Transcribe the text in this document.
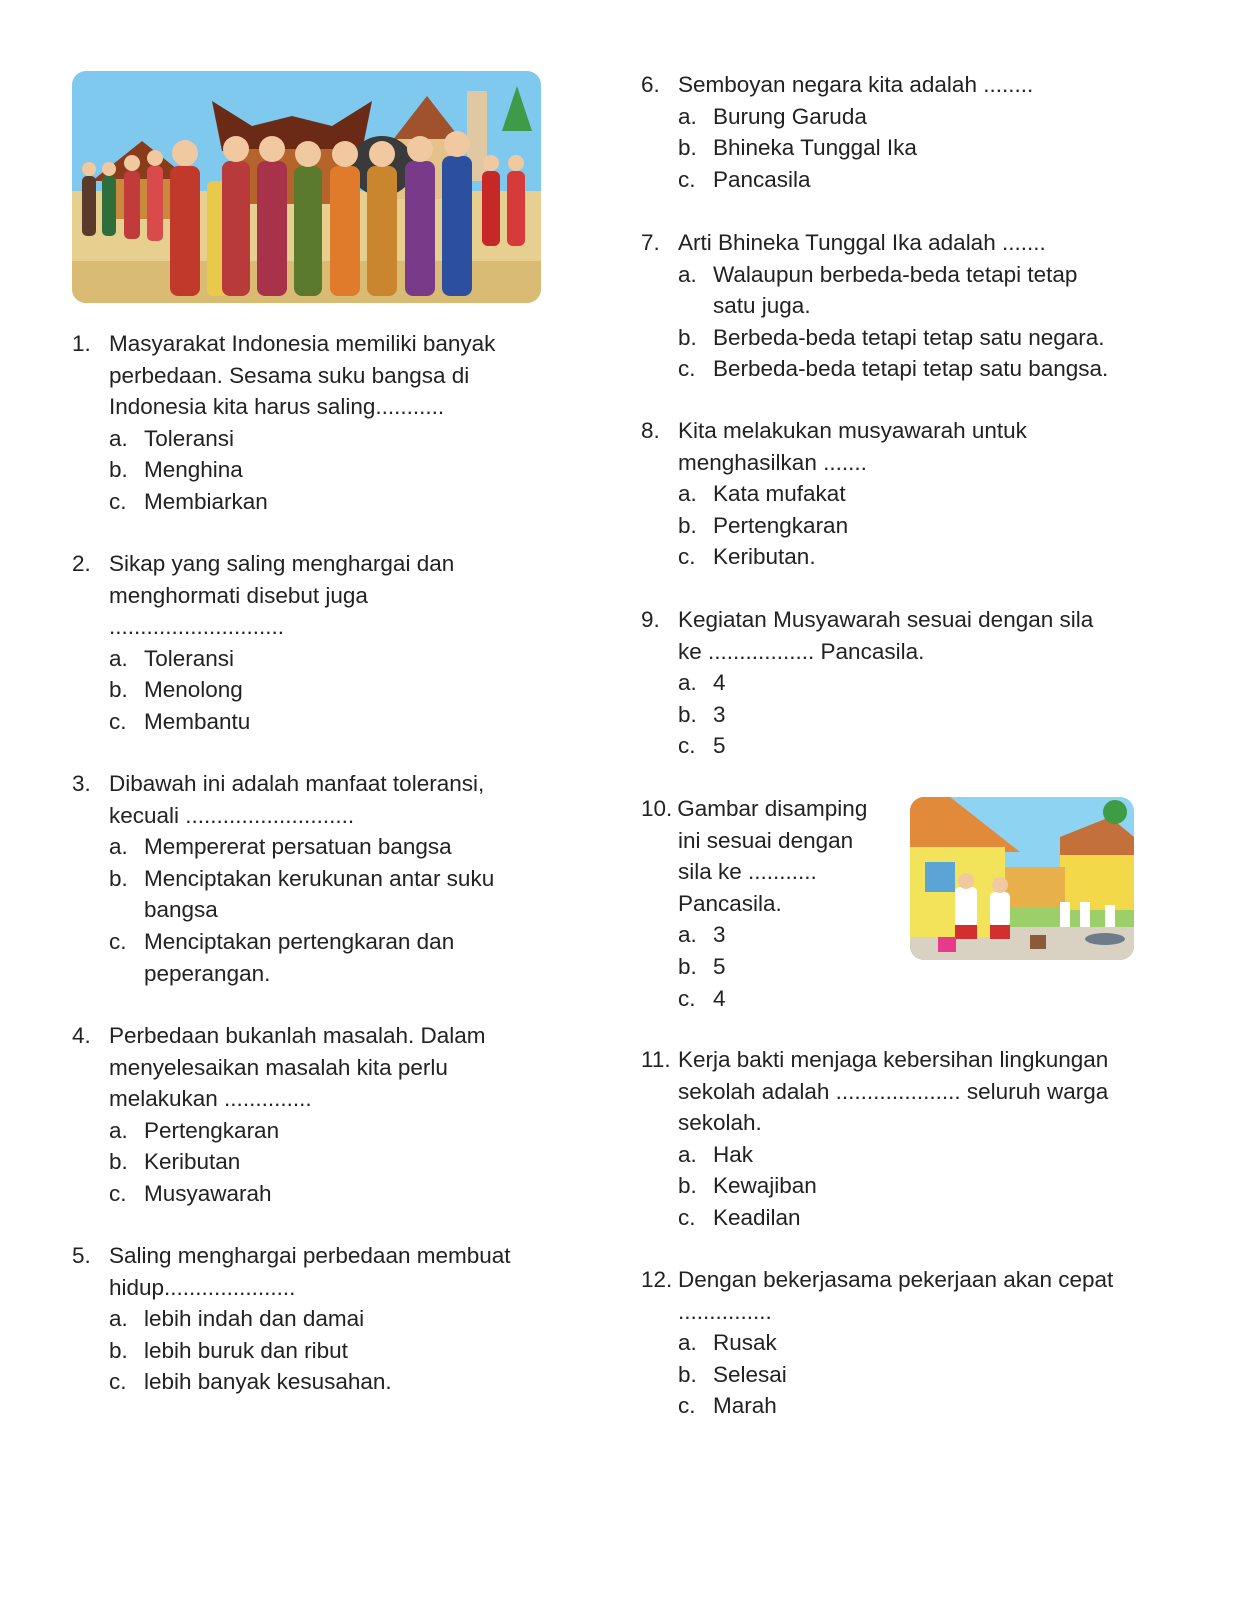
1. Masyarakat Indonesia memiliki banyak
perbedaan. Sesama suku bangsa di
Indonesia kita harus saling...........
a. Toleransi
b. Menghina
c. Membiarkan
2. Sikap yang saling menghargai dan
menghormati disebut juga
............................
a. Toleransi
b. Menolong
c. Membantu
3. Dibawah ini adalah manfaat toleransi,
kecuali ...........................
a. Mempererat persatuan bangsa
b. Menciptakan kerukunan antar suku
bangsa
c. Menciptakan pertengkaran dan
peperangan.
4. Perbedaan bukanlah masalah. Dalam
menyelesaikan masalah kita perlu
melakukan ..............
a. Pertengkaran
b. Keributan
c. Musyawarah
5. Saling menghargai perbedaan membuat
hidup.....................
a. lebih indah dan damai
b. lebih buruk dan ribut
c. lebih banyak kesusahan.
6. Semboyan negara kita adalah ........
a. Burung Garuda
b. Bhineka Tunggal Ika
c. Pancasila
7. Arti Bhineka Tunggal Ika adalah .......
a. Walaupun berbeda-beda tetapi tetap
satu juga.
b. Berbeda-beda tetapi tetap satu negara.
c. Berbeda-beda tetapi tetap satu bangsa.
8. Kita melakukan musyawarah untuk
menghasilkan .......
a. Kata mufakat
b. Pertengkaran
c. Keributan.
9. Kegiatan Musyawarah sesuai dengan sila
ke ................. Pancasila.
a. 4
b. 3
c. 5
10.
Gambar disamping
ini sesuai dengan
sila ke ...........
Pancasila.
a. 3
b. 5
c. 4
11. Kerja bakti menjaga kebersihan lingkungan
sekolah adalah .................... seluruh warga
sekolah.
a. Hak
b. Kewajiban
c. Keadilan
12. Dengan bekerjasama pekerjaan akan cepat
...............
a. Rusak
b. Selesai
c. Marah
